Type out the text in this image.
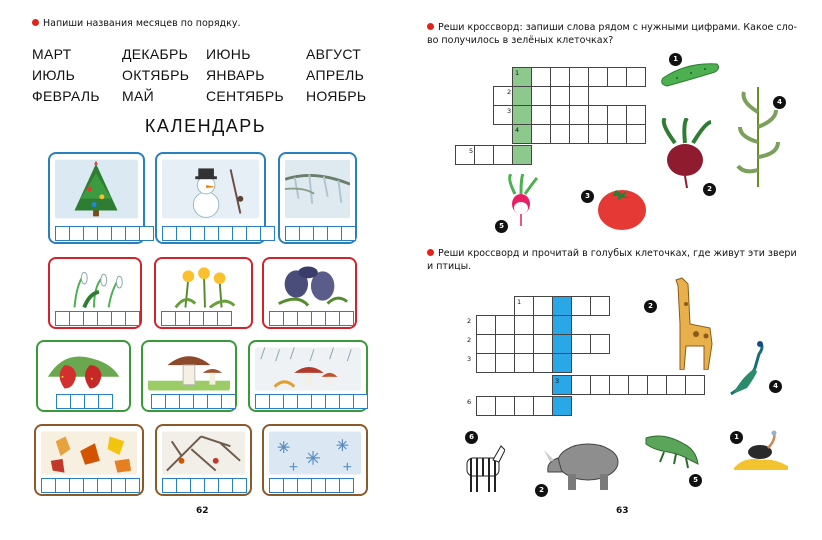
Напиши названия месяцев по порядку.
МАРТ	ДЕКАБРЬ ИЮНЬ	АВГУСТ
ИЮЛЬ	ОКТЯБРЬ ЯНВАРЬ	АПРЕЛЬ
ФЕВРАЛЬ МАЙ	СЕНТЯБРЬ НОЯБРЬ
КАЛЕНДАРЬ
62
Реши кроссворд: запиши слова рядом с нужными цифрами. Какое сло-
во получилось в зелёных клеточках?
1
2
3
4
5
1
4
2
3
5
Реши кроссворд и прочитай в голубых клеточках, где живут эти звери
и птицы.
1
2
2
3
3
6
2
4
6
2
5
1
63
